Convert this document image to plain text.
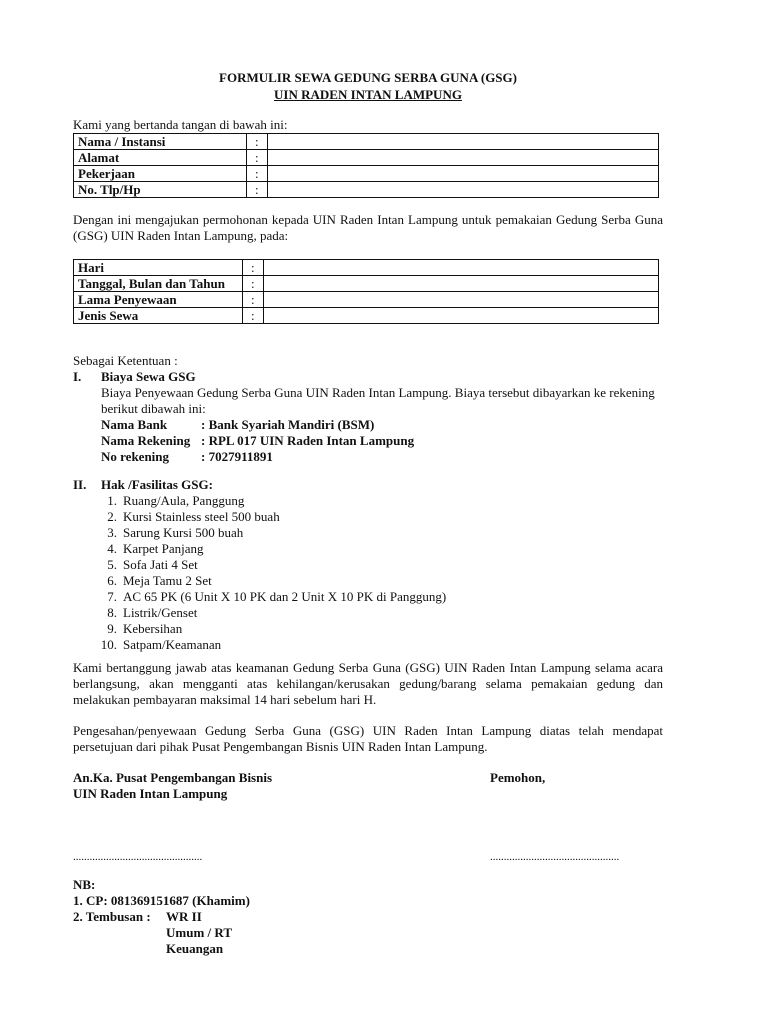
FORMULIR SEWA GEDUNG SERBA GUNA (GSG)
UIN RADEN INTAN LAMPUNG
Kami yang bertanda tangan di bawah ini:
Nama / Instansi	:	
Alamat	:	
Pekerjaan	:	
No. Tlp/Hp	:	
Dengan ini mengajukan permohonan kepada UIN Raden Intan Lampung untuk pemakaian Gedung Serba Guna (GSG) UIN Raden Intan Lampung, pada:
Hari	:	
Tanggal, Bulan dan Tahun	:	
Lama Penyewaan	:	
Jenis Sewa	:	
Sebagai Ketentuan :
I. Biaya Sewa GSG
Biaya Penyewaan Gedung Serba Guna UIN Raden Intan Lampung. Biaya tersebut dibayarkan ke rekening berikut dibawah ini:
Nama Bank	: Bank Syariah Mandiri (BSM)
Nama Rekening : RPL 017 UIN Raden Intan Lampung
No rekening	: 7027911891
II. Hak /Fasilitas GSG:
1. Ruang/Aula, Panggung
2. Kursi Stainless steel 500 buah
3. Sarung Kursi 500 buah
4. Karpet Panjang
5. Sofa Jati 4 Set
6. Meja Tamu 2 Set
7. AC 65 PK (6 Unit X 10 PK dan 2 Unit X 10 PK di Panggung)
8. Listrik/Genset
9. Kebersihan
10. Satpam/Keamanan
Kami bertanggung jawab atas keamanan Gedung Serba Guna (GSG) UIN Raden Intan Lampung selama acara berlangsung, akan mengganti atas kehilangan/kerusakan gedung/barang selama pemakaian gedung dan melakukan pembayaran maksimal 14 hari sebelum hari H.
Pengesahan/penyewaan Gedung Serba Guna (GSG) UIN Raden Intan Lampung diatas telah mendapat persetujuan dari pihak Pusat Pengembangan Bisnis UIN Raden Intan Lampung.
An.Ka. Pusat Pengembangan Bisnis
UIN Raden Intan Lampung
Pemohon,
...............................................	...............................................
NB:
1. CP: 081369151687 (Khamim)
2. Tembusan :	WR II
Umum / RT
Keuangan
